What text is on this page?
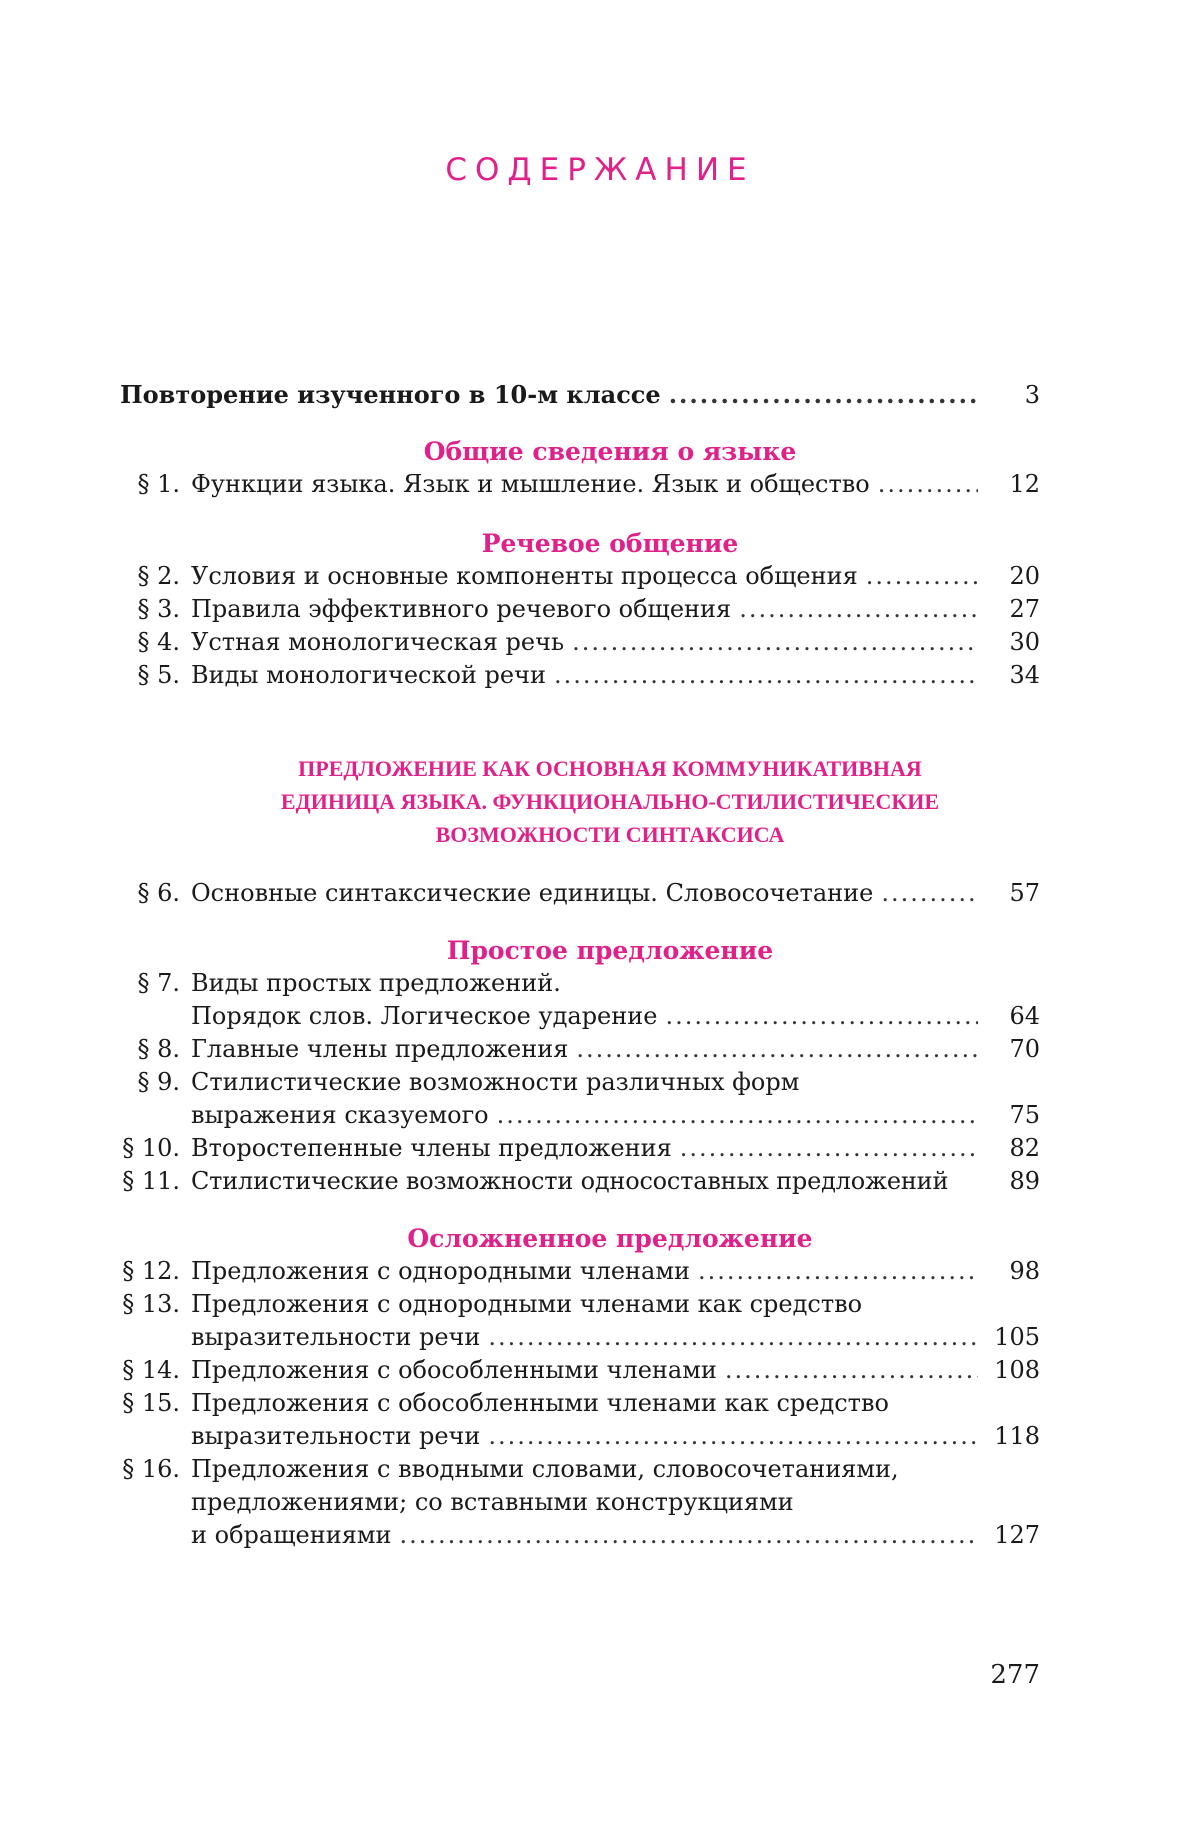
СОДЕРЖАНИЕ
Повторение изученного в 10-м классе .....	3
Общие сведения о языке
§ 1. Функции языка. Язык и мышление. Язык и общество .....	12
Речевое общение
§ 2. Условия и основные компоненты процесса общения .....	20
§ 3. Правила эффективного речевого общения .....	27
§ 4. Устная монологическая речь .....	30
§ 5. Виды монологической речи .....	34
ПРЕДЛОЖЕНИЕ КАК ОСНОВНАЯ КОММУНИКАТИВНАЯ
ЕДИНИЦА ЯЗЫКА. ФУНКЦИОНАЛЬНО-СТИЛИСТИЧЕСКИЕ
ВОЗМОЖНОСТИ СИНТАКСИСА
§ 6. Основные синтаксические единицы. Словосочетание .....	57
Простое предложение
§ 7. Виды простых предложений.
Порядок слов. Логическое ударение .....	64
§ 8. Главные члены предложения .....	70
§ 9. Стилистические возможности различных форм
выражения сказуемого .....	75
§ 10. Второстепенные члены предложения .....	82
§ 11. Стилистические возможности односоставных предложений	89
Осложненное предложение
§ 12. Предложения с однородными членами .....	98
§ 13. Предложения с однородными членами как средство
выразительности речи .....	105
§ 14. Предложения с обособленными членами .....	108
§ 15. Предложения с обособленными членами как средство
выразительности речи .....	118
§ 16. Предложения с вводными словами, словосочетаниями,
предложениями; со вставными конструкциями
и обращениями .....	127
277
